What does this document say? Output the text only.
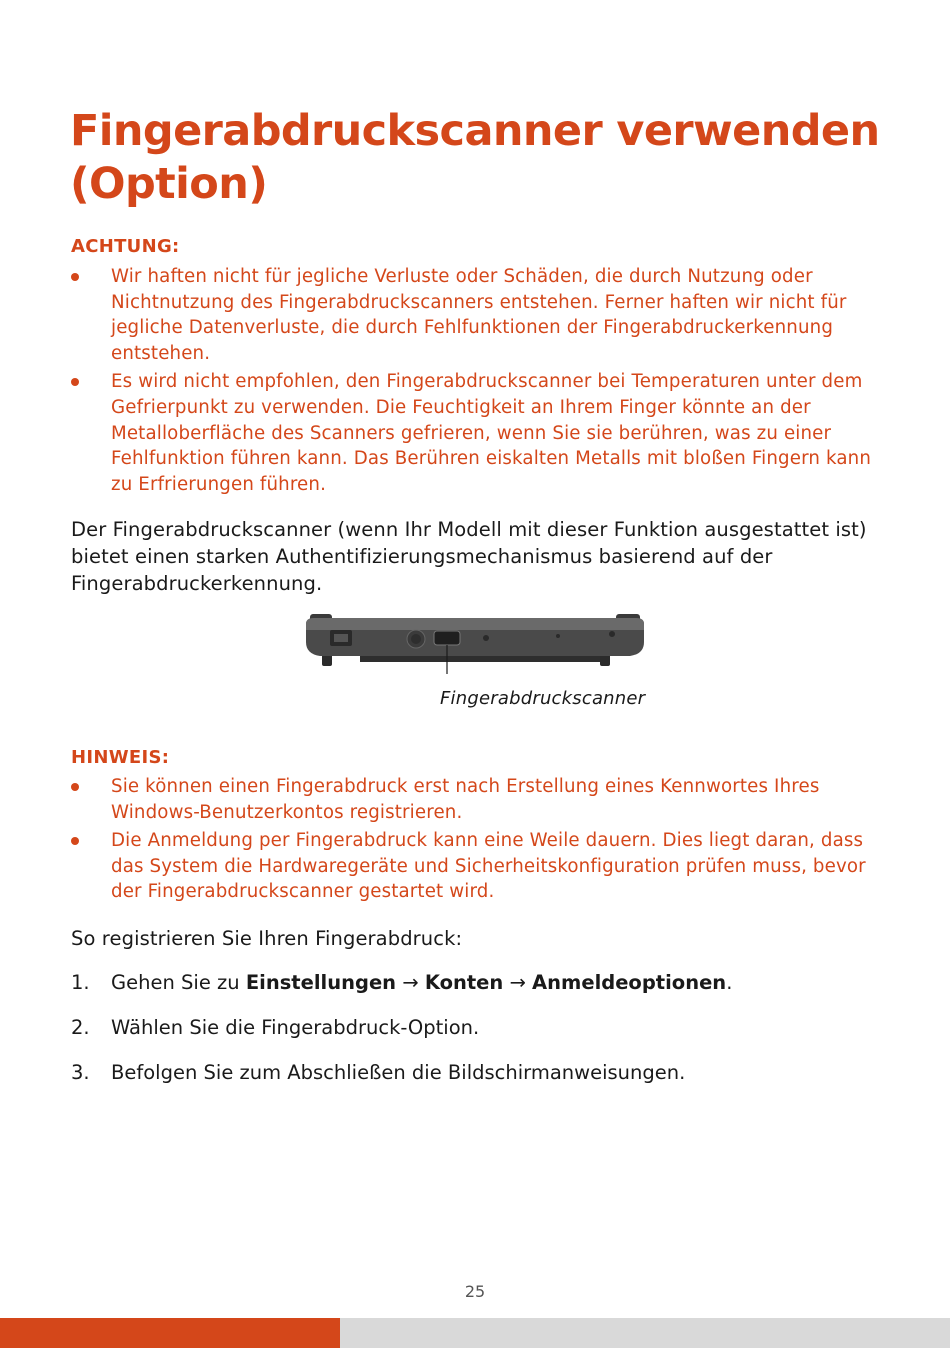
Fingerabdruckscanner verwenden (Option)

ACHTUNG:

Wir haften nicht für jegliche Verluste oder Schäden, die durch Nutzung oder Nichtnutzung des Fingerabdruckscanners entstehen. Ferner haften wir nicht für jegliche Datenverluste, die durch Fehlfunktionen der Fingerabdruckerkennung entstehen.
Es wird nicht empfohlen, den Fingerabdruckscanner bei Temperaturen unter dem Gefrierpunkt zu verwenden. Die Feuchtigkeit an Ihrem Finger könnte an der Metalloberfläche des Scanners gefrieren, wenn Sie sie berühren, was zu einer Fehlfunktion führen kann. Das Berühren eiskalten Metalls mit bloßen Fingern kann zu Erfrierungen führen.

Der Fingerabdruckscanner (wenn Ihr Modell mit dieser Funktion ausgestattet ist) bietet einen starken Authentifizierungsmechanismus basierend auf der Fingerabdruckerkennung.

Fingerabdruckscanner

HINWEIS:

Sie können einen Fingerabdruck erst nach Erstellung eines Kennwortes Ihres Windows-Benutzerkontos registrieren.
Die Anmeldung per Fingerabdruck kann eine Weile dauern. Dies liegt daran, dass das System die Hardwaregeräte und Sicherheitskonfiguration prüfen muss, bevor der Fingerabdruckscanner gestartet wird.

So registrieren Sie Ihren Fingerabdruck:

1. Gehen Sie zu Einstellungen → Konten → Anmeldeoptionen.
2. Wählen Sie die Fingerabdruck-Option.
3. Befolgen Sie zum Abschließen die Bildschirmanweisungen.

25
